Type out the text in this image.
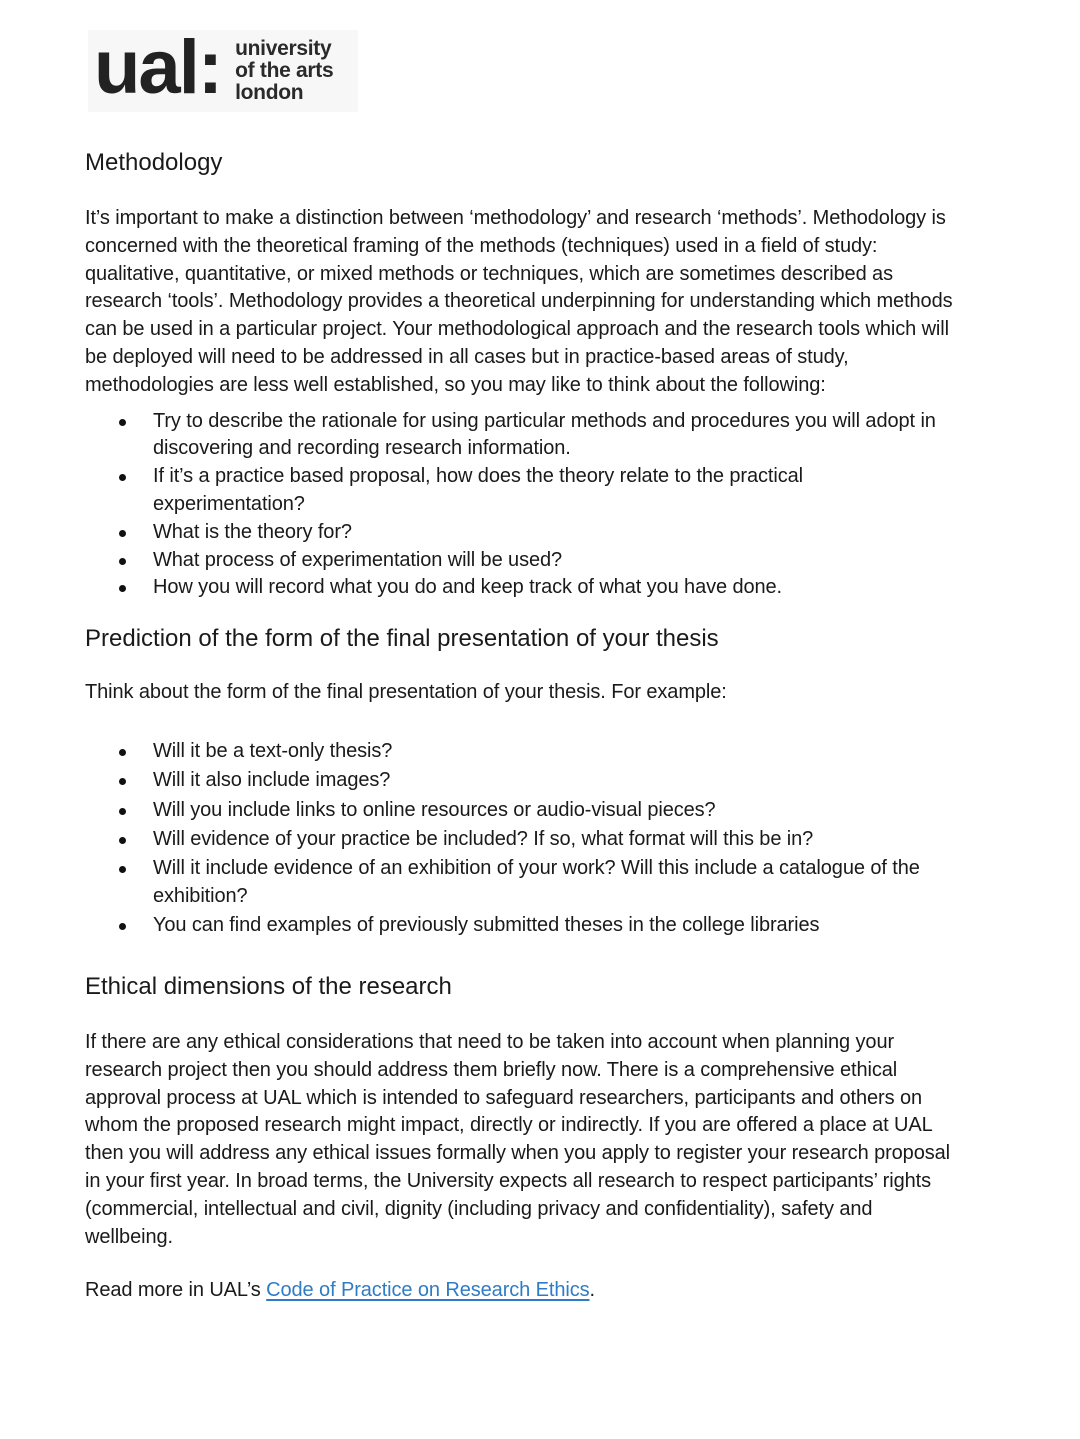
ual: university
of the arts
london
Methodology

It’s important to make a distinction between ‘methodology’ and research ‘methods’. Methodology is concerned with the theoretical framing of the methods (techniques) used in a field of study: qualitative, quantitative, or mixed methods or techniques, which are sometimes described as research ‘tools’. Methodology provides a theoretical underpinning for understanding which methods can be used in a particular project. Your methodological approach and the research tools which will be deployed will need to be addressed in all cases but in practice-based areas of study, methodologies are less well established, so you may like to think about the following:

Try to describe the rationale for using particular methods and procedures you will adopt in discovering and recording research information.
If it’s a practice based proposal, how does the theory relate to the practical experimentation?
What is the theory for?
What process of experimentation will be used?
How you will record what you do and keep track of what you have done.
Prediction of the form of the final presentation of your thesis

Think about the form of the final presentation of your thesis. For example:

Will it be a text-only thesis?
Will it also include images?
Will you include links to online resources or audio-visual pieces?
Will evidence of your practice be included? If so, what format will this be in?
Will it include evidence of an exhibition of your work? Will this include a catalogue of the exhibition?
You can find examples of previously submitted theses in the college libraries
Ethical dimensions of the research

If there are any ethical considerations that need to be taken into account when planning your research project then you should address them briefly now. There is a comprehensive ethical approval process at UAL which is intended to safeguard researchers, participants and others on whom the proposed research might impact, directly or indirectly. If you are offered a place at UAL then you will address any ethical issues formally when you apply to register your research proposal in your first year. In broad terms, the University expects all research to respect participants’ rights (commercial, intellectual and civil, dignity (including privacy and confidentiality), safety and wellbeing.

Read more in UAL’s Code of Practice on Research Ethics.
